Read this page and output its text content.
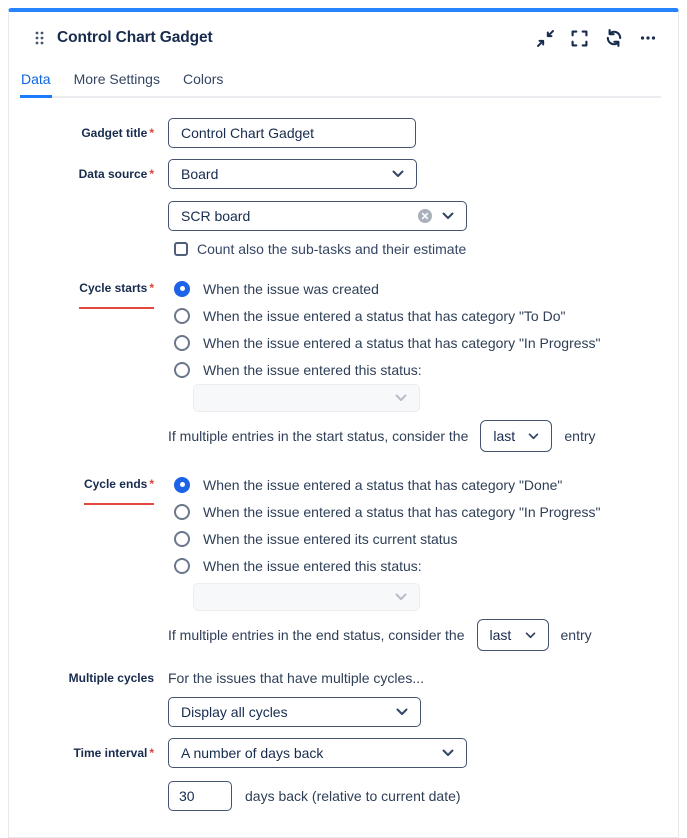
Control Chart Gadget
Data More Settings Colors
Gadget title *
Control Chart Gadget
Data source *	Board
SCR board
Count also the sub-tasks and their estimate
Cycle starts *	When the issue was created
When the issue entered a status that has category "To Do"
When the issue entered a status that has category "In Progress"
When the issue entered this status:
If multiple entries in the start status, consider the last	entry
Cycle ends *	When the issue entered a status that has category "Done"
When the issue entered a status that has category "In Progress"
When the issue entered its current status
When the issue entered this status:
If multiple entries in the end status, consider the last	entry
Multiple cycles	For the issues that have multiple cycles...
Display all cycles
Time interval *	A number of days back
30
days back (relative to current date)
